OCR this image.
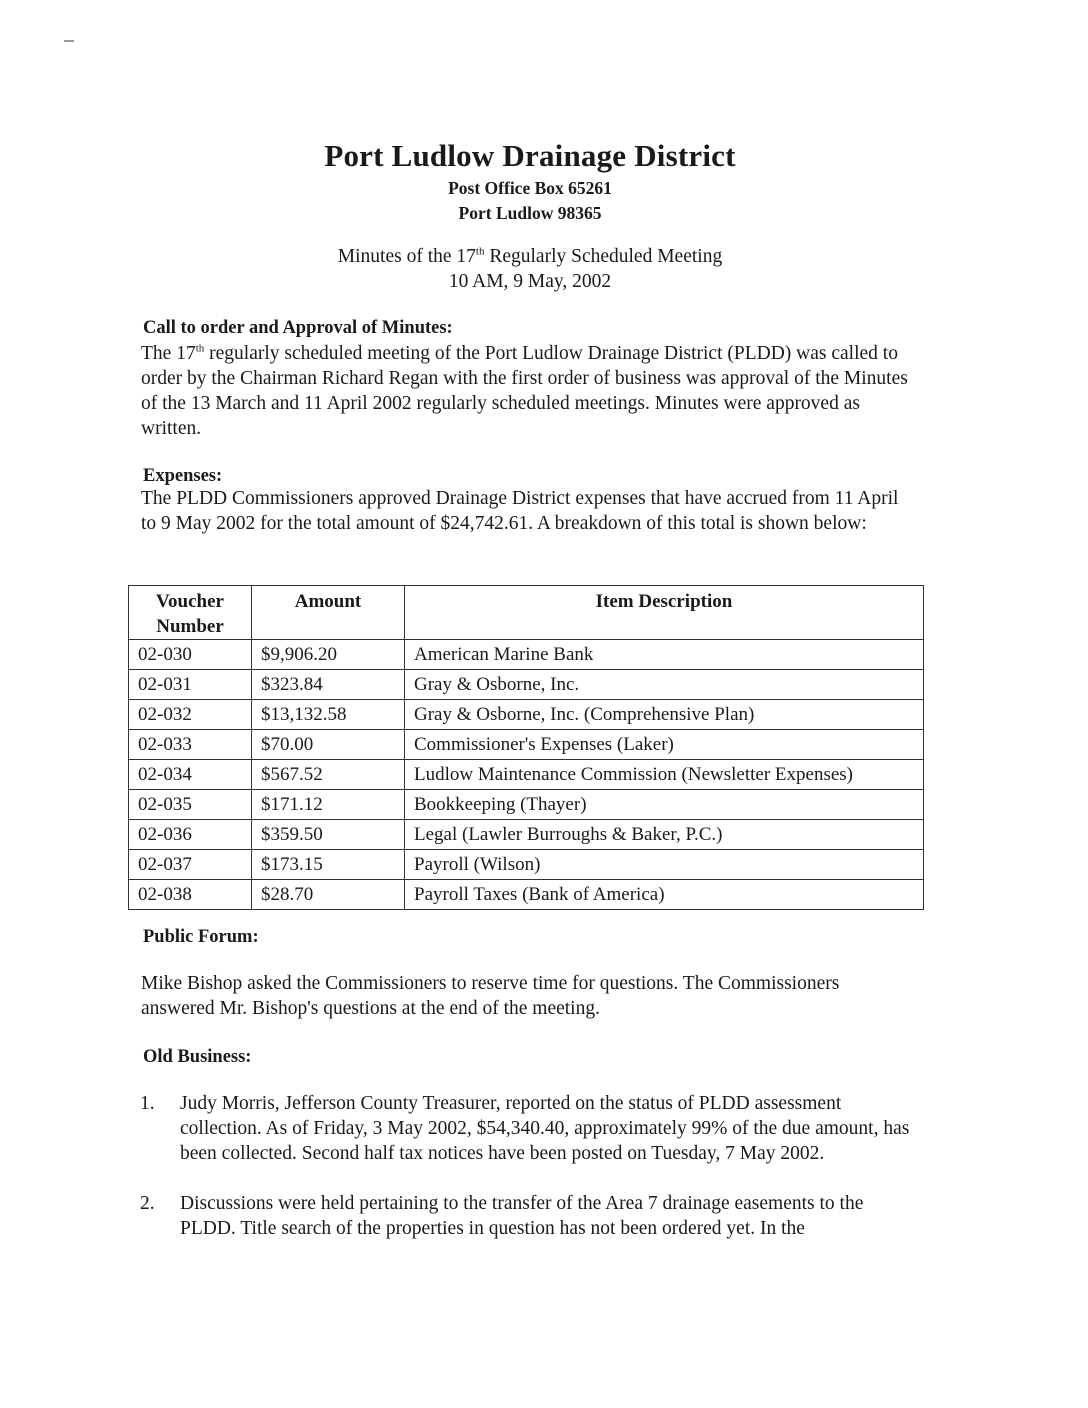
Port Ludlow Drainage District
Post Office Box 65261
Port Ludlow 98365
Minutes of the 17th Regularly Scheduled Meeting
10 AM, 9 May, 2002
Call to order and Approval of Minutes:
The 17th regularly scheduled meeting of the Port Ludlow Drainage District (PLDD) was called to order by the Chairman Richard Regan with the first order of business was approval of the Minutes of the 13 March and 11 April 2002 regularly scheduled meetings. Minutes were approved as written.
Expenses:
The PLDD Commissioners approved Drainage District expenses that have accrued from 11 April to 9 May 2002 for the total amount of $24,742.61. A breakdown of this total is shown below:
Voucher Number	Amount	Item Description
02-030	$9,906.20	American Marine Bank
02-031	$323.84	Gray & Osborne, Inc.
02-032	$13,132.58	Gray & Osborne, Inc. (Comprehensive Plan)
02-033	$70.00	Commissioner's Expenses (Laker)
02-034	$567.52	Ludlow Maintenance Commission (Newsletter Expenses)
02-035	$171.12	Bookkeeping (Thayer)
02-036	$359.50	Legal (Lawler Burroughs & Baker, P.C.)
02-037	$173.15	Payroll (Wilson)
02-038	$28.70	Payroll Taxes (Bank of America)
Public Forum:
Mike Bishop asked the Commissioners to reserve time for questions. The Commissioners answered Mr. Bishop's questions at the end of the meeting.
Old Business:
1. Judy Morris, Jefferson County Treasurer, reported on the status of PLDD assessment collection. As of Friday, 3 May 2002, $54,340.40, approximately 99% of the due amount, has been collected. Second half tax notices have been posted on Tuesday, 7 May 2002.
2. Discussions were held pertaining to the transfer of the Area 7 drainage easements to the PLDD. Title search of the properties in question has not been ordered yet. In the
